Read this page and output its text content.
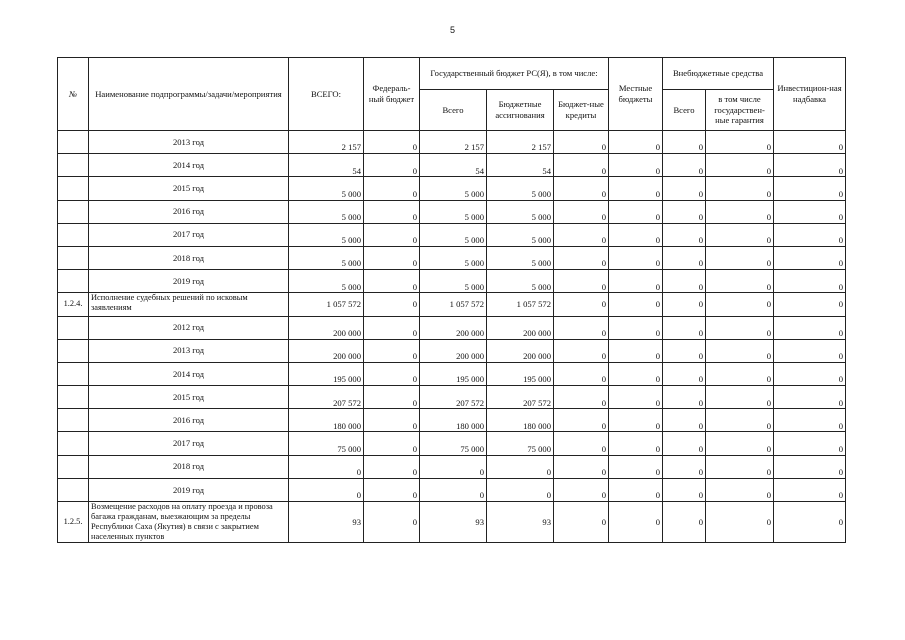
5
№	Наименование подпрограммы/задачи/мероприятия	ВСЕГО:	Федераль-ный бюджет	Государственный бюджет РС(Я), в том числе:			Местные бюджеты	Внебюджетные средства		Инвестицион-ная надбавка
				Всего	Бюджетные ассигнования	Бюджет-ные кредиты		Всего	в том числе государствен-ные гарантия	
	2013 год	2 157	0	2 157	2 157	0	0	0	0	0
	2014 год	54	0	54	54	0	0	0	0	0
	2015 год	5 000	0	5 000	5 000	0	0	0	0	0
	2016 год	5 000	0	5 000	5 000	0	0	0	0	0
	2017 год	5 000	0	5 000	5 000	0	0	0	0	0
	2018 год	5 000	0	5 000	5 000	0	0	0	0	0
	2019 год	5 000	0	5 000	5 000	0	0	0	0	0
1.2.4.	Исполнение судебных решений по исковым заявлениям	1 057 572	0	1 057 572	1 057 572	0	0	0	0	0
	2012 год	200 000	0	200 000	200 000	0	0	0	0	0
	2013 год	200 000	0	200 000	200 000	0	0	0	0	0
	2014 год	195 000	0	195 000	195 000	0	0	0	0	0
	2015 год	207 572	0	207 572	207 572	0	0	0	0	0
	2016 год	180 000	0	180 000	180 000	0	0	0	0	0
	2017 год	75 000	0	75 000	75 000	0	0	0	0	0
	2018 год	0	0	0	0	0	0	0	0	0
	2019 год	0	0	0	0	0	0	0	0	0
1.2.5.	Возмещение расходов на оплату проезда и провоза багажа гражданам, выезжающим за пределы Республики Саха (Якутия) в связи с закрытием населенных пунктов	93	0	93	93	0	0	0	0	0
